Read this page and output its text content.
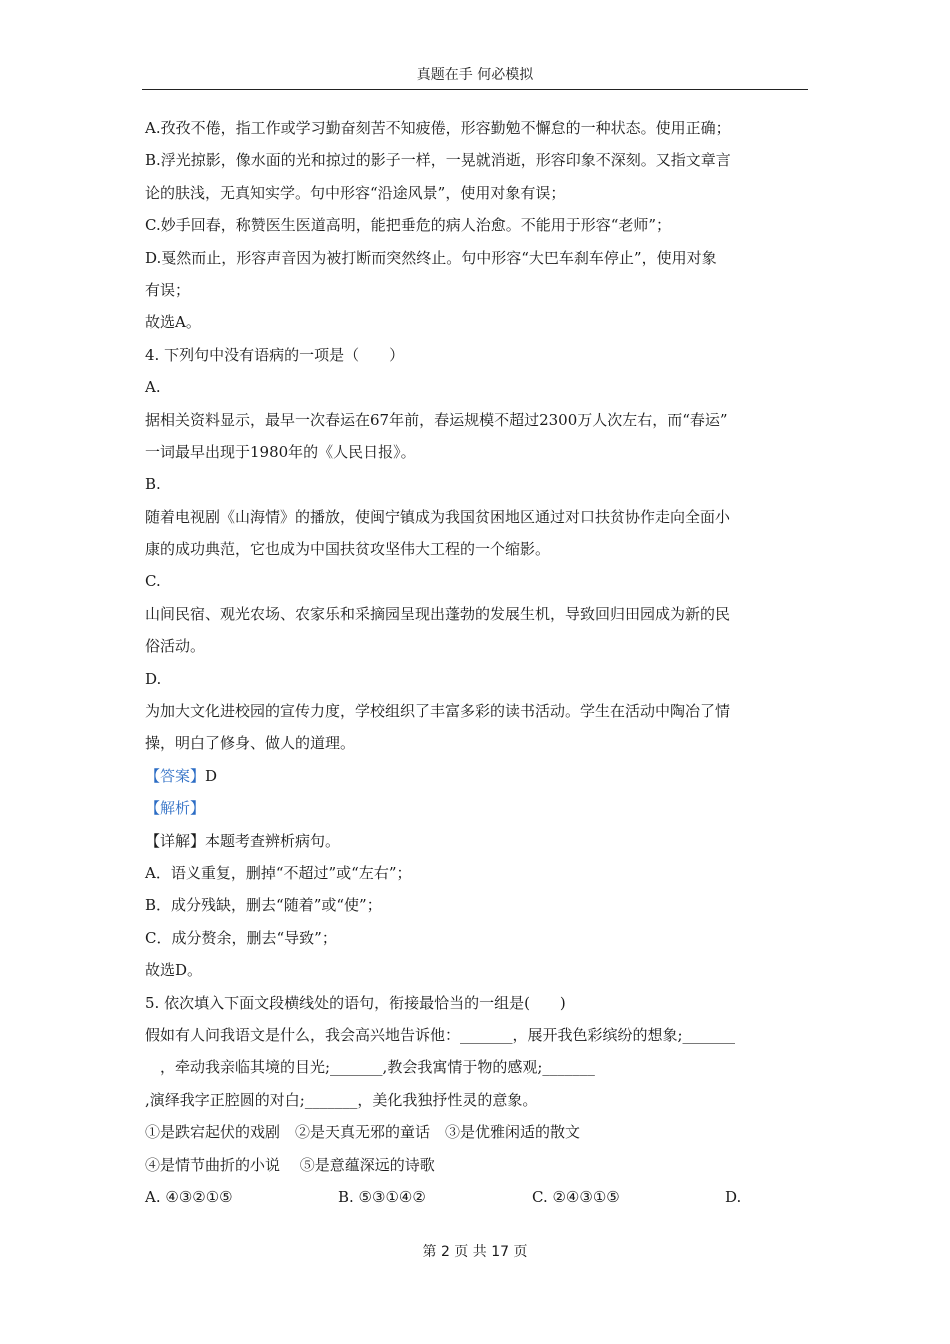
真题在手 何必模拟
A.孜孜不倦，指工作或学习勤奋刻苦不知疲倦，形容勤勉不懈怠的一种状态。使用正确；
B.浮光掠影，像水面的光和掠过的影子一样，一晃就消逝，形容印象不深刻。又指文章言
论的肤浅，无真知实学。句中形容“沿途风景”，使用对象有误；
C.妙手回春，称赞医生医道高明，能把垂危的病人治愈。不能用于形容“老师”；
D.戛然而止，形容声音因为被打断而突然终止。句中形容“大巴车刹车停止”，使用对象
有误；
故选A。
4. 下列句中没有语病的一项是（　　）
A.
据相关资料显示，最早一次春运在67年前，春运规模不超过2300万人次左右，而“春运”
一词最早出现于1980年的《人民日报》。
B.
随着电视剧《山海情》的播放，使闽宁镇成为我国贫困地区通过对口扶贫协作走向全面小
康的成功典范，它也成为中国扶贫攻坚伟大工程的一个缩影。
C.
山间民宿、观光农场、农家乐和采摘园呈现出蓬勃的发展生机，导致回归田园成为新的民
俗活动。
D.
为加大文化进校园的宣传力度，学校组织了丰富多彩的读书活动。学生在活动中陶冶了情
操，明白了修身、做人的道理。
【答案】D
【解析】
【详解】本题考查辨析病句。
A．语义重复，删掉“不超过”或“左右”；
B．成分残缺，删去“随着”或“使”；
C．成分赘余，删去“导致”；
故选D。
5. 依次填入下面文段横线处的语句，衔接最恰当的一组是(　　)
假如有人问我语文是什么，我会高兴地告诉他：_______，展开我色彩缤纷的想象;_______
　，牵动我亲临其境的目光;_______,教会我寓情于物的感观;_______
,演绎我字正腔圆的对白;_______，美化我独抒性灵的意象。
①是跌宕起伏的戏剧　②是天真无邪的童话　③是优雅闲适的散文
④是情节曲折的小说　 ⑤是意蕴深远的诗歌
A. ④③②①⑤	B. ⑤③①④②	C. ②④③①⑤	D.
第 2 页 共 17 页
